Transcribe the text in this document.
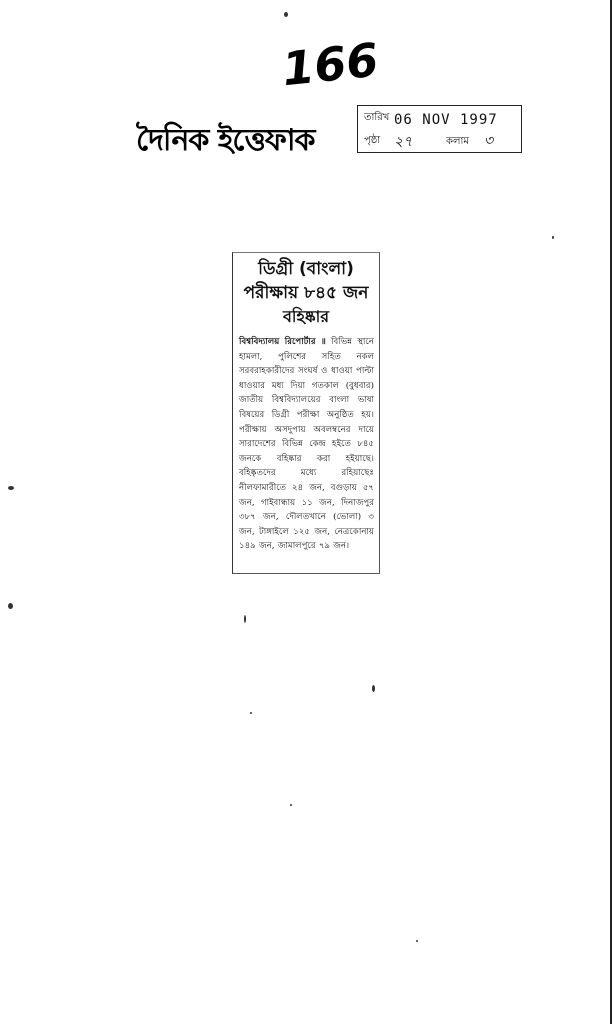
166
দৈনিক ইত্তেফাক
তারিখ 06 NOV 1997
পৃষ্ঠা ২৭	কলাম ৩
ডিগ্রী (বাংলা)
পরীক্ষায় ৮৪৫ জন
বহিষ্কার
বিশ্ববিদ্যালয় রিপোর্টার ॥ বিভিন্ন স্থানে হামলা, পুলিশের সহিত নকল সরবরাহকারীদের সংঘর্ষ ও ধাওয়া পাল্টা ধাওয়ার মধ্য দিয়া গতকাল (বুধবার) জাতীয় বিশ্ববিদ্যালয়ের বাংলা ভাষা বিষয়ের ডিগ্রী পরীক্ষা অনুষ্ঠিত হয়। পরীক্ষায় অসদুপায় অবলম্বনের দায়ে সারাদেশের বিভিন্ন কেন্দ্র হইতে ৮৪৫ জনকে বহিষ্কার করা হইয়াছে। বহিষ্কৃতদের মধ্যে রহিয়াছেঃ নীলফামারীতে ২৪ জন, বগুড়ায় ৫৭ জন, গাইবান্ধায় ১১ জন, দিনাজপুর ৩৮৭ জন, দৌলতখানে (ভোলা) ৩ জন, টাঙ্গাইলে ১২৫ জন, নেত্রকোনায় ১৪৯ জন, জামালপুরে ৭৯ জন।
